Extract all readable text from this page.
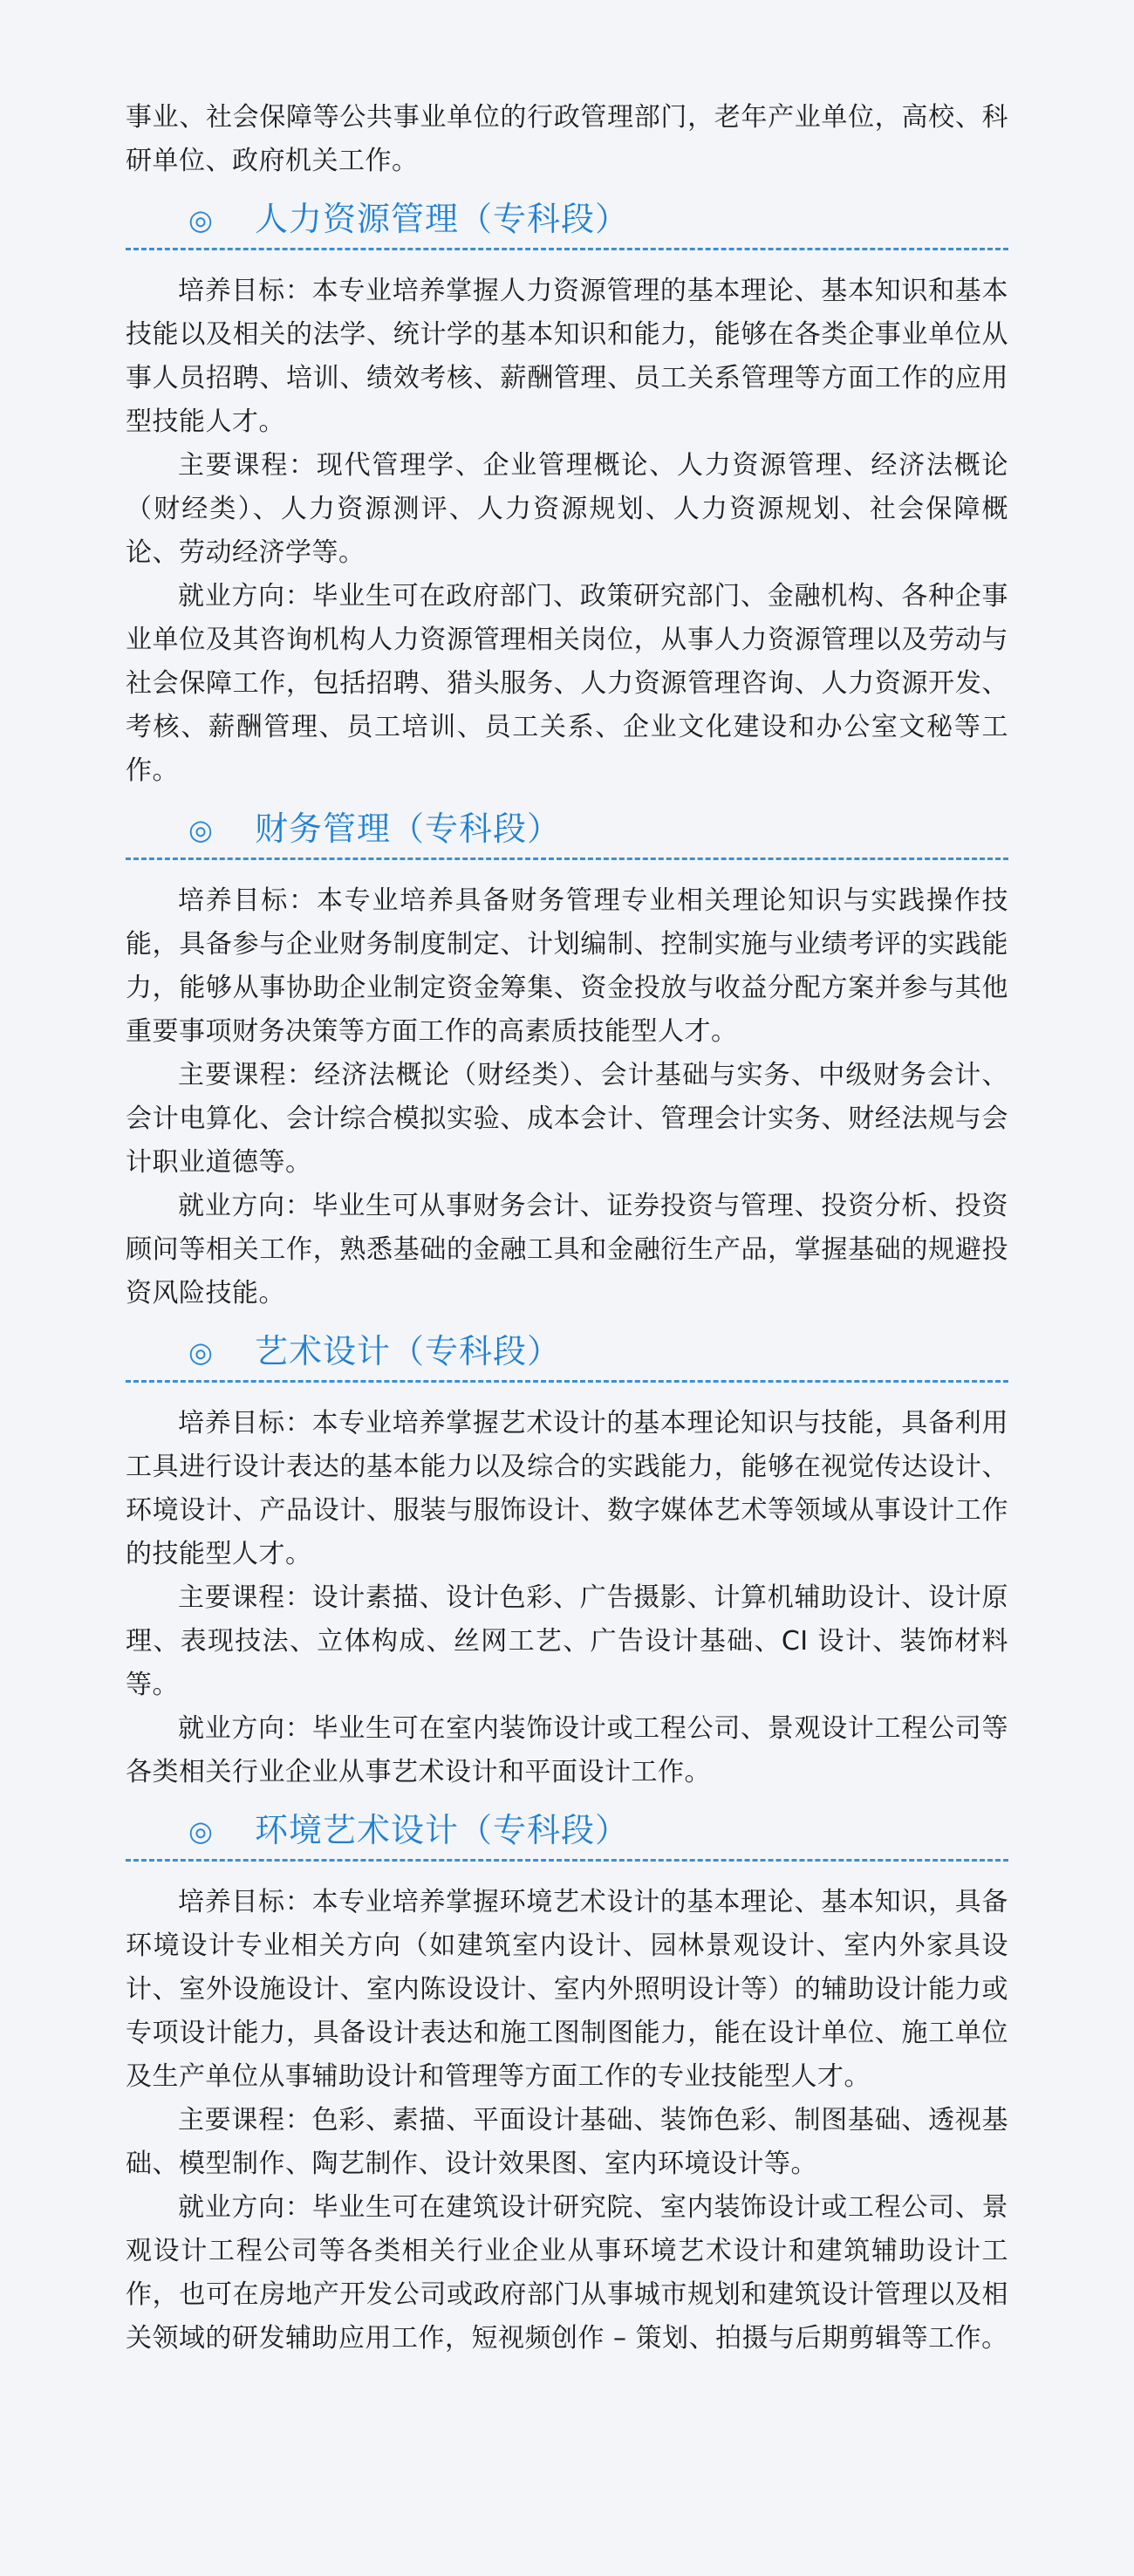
事业、社会保障等公共事业单位的行政管理部门，老年产业单位，高校、科研单位、政府机关工作。

◎ 人力资源管理（专科段）

培养目标：本专业培养掌握人力资源管理的基本理论、基本知识和基本技能以及相关的法学、统计学的基本知识和能力，能够在各类企事业单位从事人员招聘、培训、绩效考核、薪酬管理、员工关系管理等方面工作的应用型技能人才。

主要课程：现代管理学、企业管理概论、人力资源管理、经济法概论（财经类）、人力资源测评、人力资源规划、人力资源规划、社会保障概论、劳动经济学等。

就业方向：毕业生可在政府部门、政策研究部门、金融机构、各种企事业单位及其咨询机构人力资源管理相关岗位，从事人力资源管理以及劳动与社会保障工作，包括招聘、猎头服务、人力资源管理咨询、人力资源开发、考核、薪酬管理、员工培训、员工关系、企业文化建设和办公室文秘等工作。

◎ 财务管理（专科段）

培养目标：本专业培养具备财务管理专业相关理论知识与实践操作技能，具备参与企业财务制度制定、计划编制、控制实施与业绩考评的实践能力，能够从事协助企业制定资金筹集、资金投放与收益分配方案并参与其他重要事项财务决策等方面工作的高素质技能型人才。

主要课程：经济法概论（财经类）、会计基础与实务、中级财务会计、会计电算化、会计综合模拟实验、成本会计、管理会计实务、财经法规与会计职业道德等。

就业方向：毕业生可从事财务会计、证券投资与管理、投资分析、投资顾问等相关工作，熟悉基础的金融工具和金融衍生产品，掌握基础的规避投资风险技能。

◎ 艺术设计（专科段）

培养目标：本专业培养掌握艺术设计的基本理论知识与技能，具备利用工具进行设计表达的基本能力以及综合的实践能力，能够在视觉传达设计、环境设计、产品设计、服装与服饰设计、数字媒体艺术等领域从事设计工作的技能型人才。

主要课程：设计素描、设计色彩、广告摄影、计算机辅助设计、设计原理、表现技法、立体构成、丝网工艺、广告设计基础、CI 设计、装饰材料等。

就业方向：毕业生可在室内装饰设计或工程公司、景观设计工程公司等各类相关行业企业从事艺术设计和平面设计工作。

◎ 环境艺术设计（专科段）

培养目标：本专业培养掌握环境艺术设计的基本理论、基本知识，具备环境设计专业相关方向（如建筑室内设计、园林景观设计、室内外家具设计、室外设施设计、室内陈设设计、室内外照明设计等）的辅助设计能力或专项设计能力，具备设计表达和施工图制图能力，能在设计单位、施工单位及生产单位从事辅助设计和管理等方面工作的专业技能型人才。

主要课程：色彩、素描、平面设计基础、装饰色彩、制图基础、透视基础、模型制作、陶艺制作、设计效果图、室内环境设计等。

就业方向：毕业生可在建筑设计研究院、室内装饰设计或工程公司、景观设计工程公司等各类相关行业企业从事环境艺术设计和建筑辅助设计工作，也可在房地产开发公司或政府部门从事城市规划和建筑设计管理以及相关领域的研发辅助应用工作，短视频创作 – 策划、拍摄与后期剪辑等工作。
